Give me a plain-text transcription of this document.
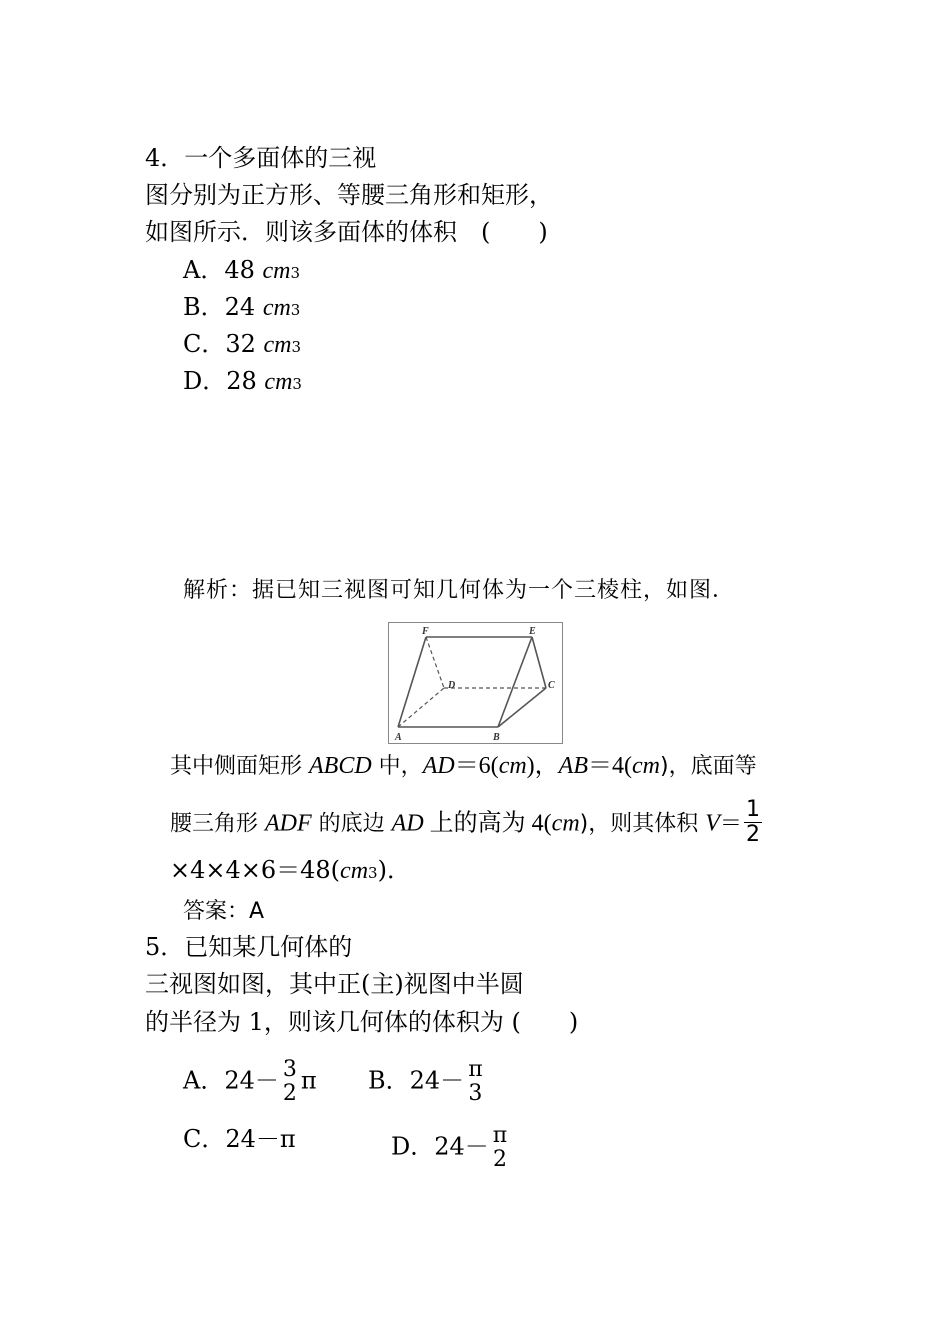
4．一个多面体的三视
图分别为正方形、等腰三角形和矩形，
如图所示．则该多面体的体积　(　　)
A．48 cm3
B．24 cm3
C．32 cm3
D．28 cm3
解析：据已知三视图可知几何体为一个三棱柱，如图．
F	E
D	C
A	B
其中侧面矩形 ABCD 中，AD＝6(cm)，AB＝4(cm)，底面等
腰三角形 ADF 的底边 AD 上的高为 4(cm)，则其体积 $V= \frac{1}{2}$
×4×4×6＝48(cm3)．
答案：A
5．已知某几何体的
三视图如图，其中正(主)视图中半圆
的半径为 1，则该几何体的体积为 (　　)
A．24－ 3
2 π B．24－ π
3
C．24－π	D．24－ π
2
